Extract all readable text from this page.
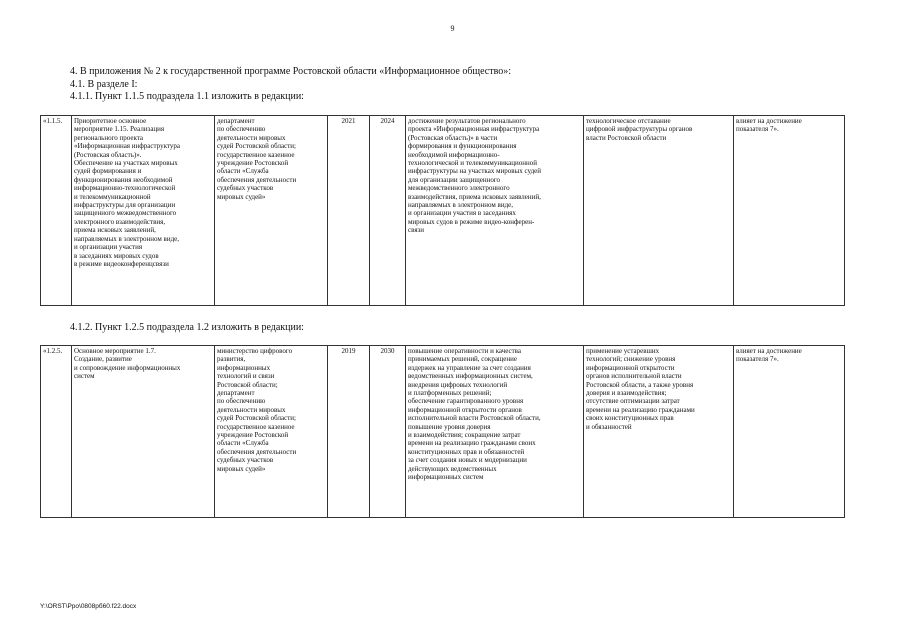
9
4. В приложения № 2 к государственной программе Ростовской области «Информационное общество»:
4.1. В разделе I:
4.1.1. Пункт 1.1.5 подраздела 1.1 изложить в редакции:
«1.1.5.	Приоритетное основное
мероприятие 1.15. Реализация
регионального проекта
«Информационная инфраструктура
(Ростовская область)».
Обеспечение на участках мировых
судей формирования и
функционирования необходимой
информационно-технологической
и телекоммуникационной
инфраструктуры для организации
защищенного межведомственного
электронного взаимодействия,
приема исковых заявлений,
направляемых в электронном виде,
и организации участия
в заседаниях мировых судов
в режиме видеоконференцсвязи	департамент
по обеспечению
деятельности мировых
судей Ростовской области;
государственное казенное
учреждение Ростовской
области «Служба
обеспечения деятельности
судебных участков
мировых судей»	2021	2024	достижение результатов регионального
проекта «Информационная инфраструктура
(Ростовская область)» в части
формирования и функционирования
необходимой информационно-
технологической и телекоммуникационной
инфраструктуры на участках мировых судей
для организации защищенного
межведомственного электронного
взаимодействия, приема исковых заявлений,
направляемых в электронном виде,
и организации участия в заседаниях
мировых судов в режиме видео-конферен-
связи	технологическое отставание
цифровой инфраструктуры органов
власти Ростовской области	влияет на достижение
показателя 7».
4.1.2. Пункт 1.2.5 подраздела 1.2 изложить в редакции:
«1.2.5.	Основное мероприятие 1.7.
Создание, развитие
и сопровождение информационных
систем	министерство цифрового
развития,
информационных
технологий и связи
Ростовской области;
департамент
по обеспечению
деятельности мировых
судей Ростовской области;
государственное казенное
учреждение Ростовской
области «Служба
обеспечения деятельности
судебных участков
мировых судей»	2019	2030	повышение оперативности и качества
принимаемых решений, сокращение
издержек на управление за счет создания
ведомственных информационных систем,
внедрения цифровых технологий
и платформенных решений;
обеспечение гарантированного уровня
информационной открытости органов
исполнительной власти Ростовской области,
повышение уровня доверия
и взаимодействия; сокращение затрат
времени на реализацию гражданами своих
конституционных прав и обязанностей
за счет создания новых и модернизации
действующих ведомственных
информационных систем	применение устаревших
технологий; снижение уровня
информационной открытости
органов исполнительной власти
Ростовской области, а также уровня
доверия и взаимодействия;
отсутствие оптимизации затрат
времени на реализацию гражданами
своих конституционных прав
и обязанностей	влияет на достижение
показателя 7».
Y:\ORST\Ppo\0808pб60.f22.docx
